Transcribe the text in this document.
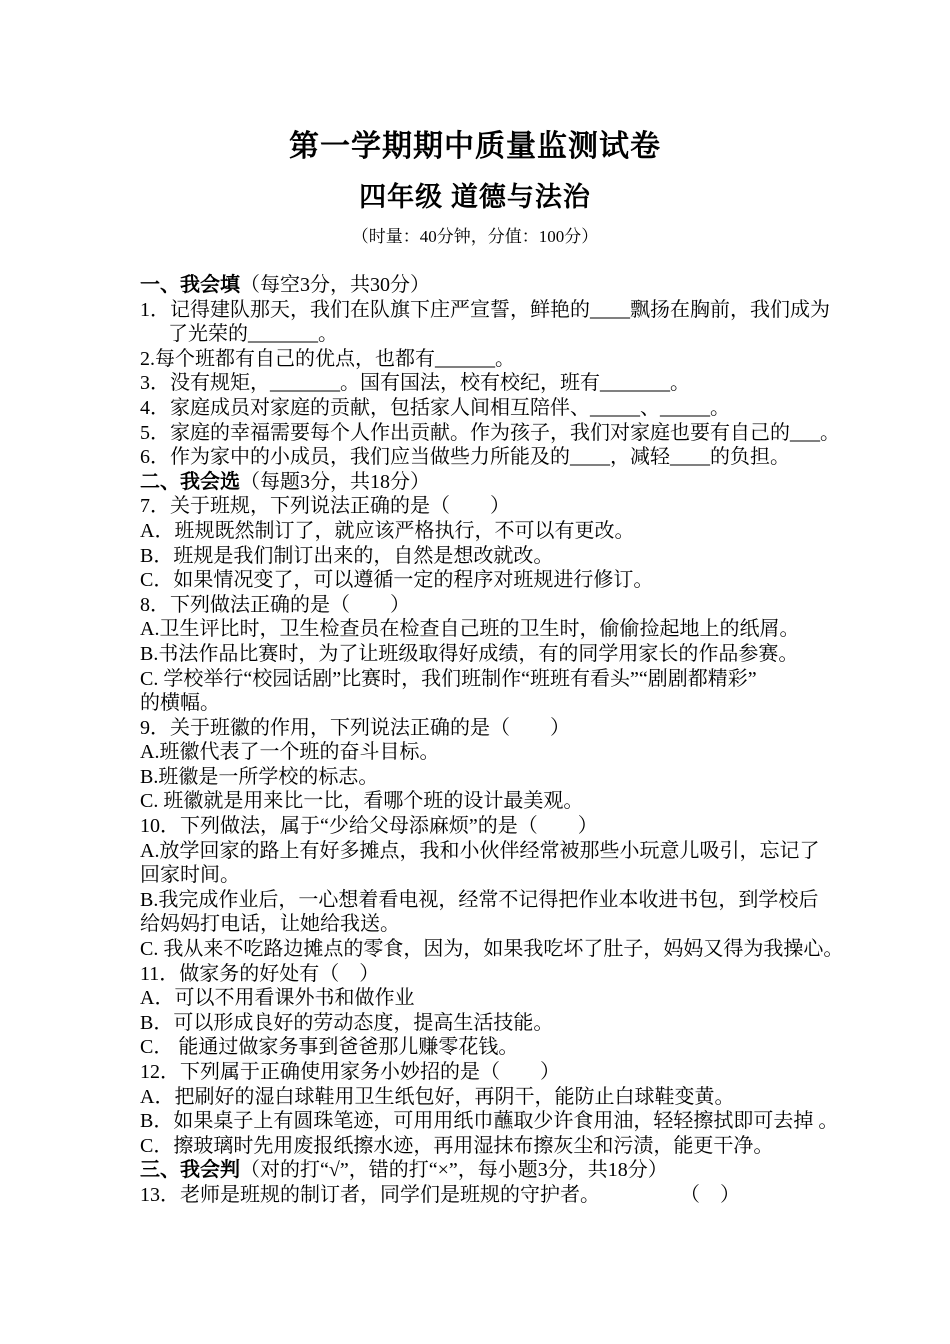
第一学期期中质量监测试卷
四年级 道德与法治
（时量：40分钟，分值：100分）
一、我会填（每空3分，共30分）
1．记得建队那天，我们在队旗下庄严宣誓，鲜艳的____飘扬在胸前，我们成为
了光荣的_______。
2.每个班都有自己的优点，也都有______。
3．没有规矩，_______。国有国法，校有校纪，班有_______。
4．家庭成员对家庭的贡献，包括家人间相互陪伴、_____、_____。
5．家庭的幸福需要每个人作出贡献。作为孩子，我们对家庭也要有自己的___。
6．作为家中的小成员，我们应当做些力所能及的____，减轻____的负担。
二、我会选（每题3分，共18分）
7．关于班规，下列说法正确的是（　　）
A．班规既然制订了，就应该严格执行，不可以有更改。
B．班规是我们制订出来的，自然是想改就改。
C．如果情况变了，可以遵循一定的程序对班规进行修订。
8．下列做法正确的是（　　）
A.卫生评比时，卫生检查员在检查自己班的卫生时，偷偷捡起地上的纸屑。
B.书法作品比赛时，为了让班级取得好成绩，有的同学用家长的作品参赛。
C. 学校举行“校园话剧”比赛时，我们班制作“班班有看头”“剧剧都精彩”
的横幅。
9．关于班徽的作用，下列说法正确的是（　　）
A.班徽代表了一个班的奋斗目标。
B.班徽是一所学校的标志。
C. 班徽就是用来比一比，看哪个班的设计最美观。
10．下列做法，属于“少给父母添麻烦”的是（　　）
A.放学回家的路上有好多摊点，我和小伙伴经常被那些小玩意儿吸引，忘记了
回家时间。
B.我完成作业后，一心想着看电视，经常不记得把作业本收进书包，到学校后
给妈妈打电话，让她给我送。
C. 我从来不吃路边摊点的零食，因为，如果我吃坏了肚子，妈妈又得为我操心。
11．做家务的好处有（　）
A．可以不用看课外书和做作业
B．可以形成良好的劳动态度，提高生活技能。
C． 能通过做家务事到爸爸那儿赚零花钱。
12．下列属于正确使用家务小妙招的是（　　）
A．把刷好的湿白球鞋用卫生纸包好，再阴干，能防止白球鞋变黄。
B．如果桌子上有圆珠笔迹，可用用纸巾蘸取少许食用油，轻轻擦拭即可去掉 。
C．擦玻璃时先用废报纸擦水迹，再用湿抹布擦灰尘和污渍，能更干净。
三、我会判（对的打“√”，错的打“×”，每小题3分，共18分）
13．老师是班规的制订者，同学们是班规的守护者。　　　　　（　）
